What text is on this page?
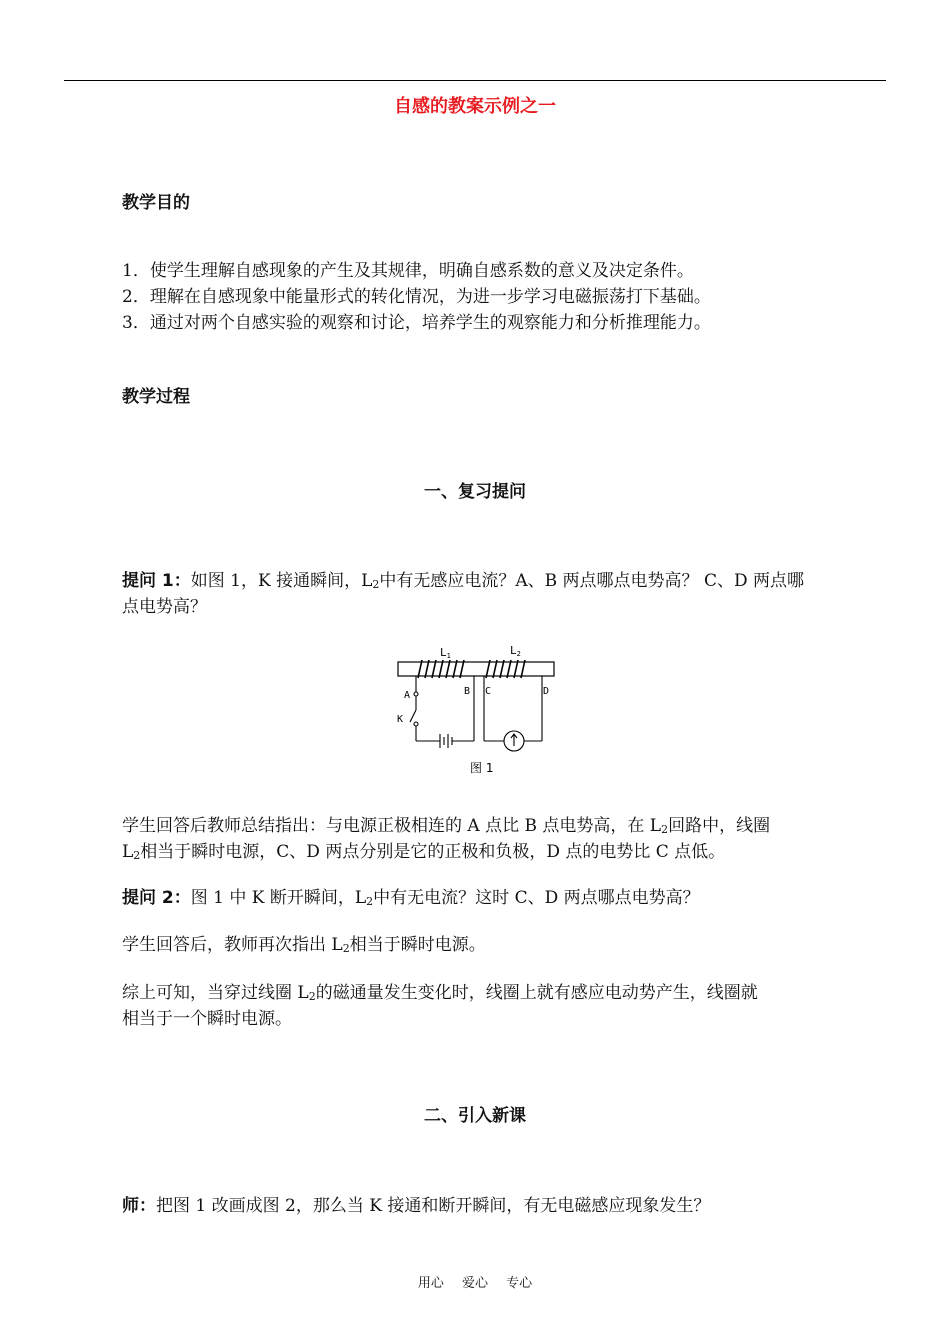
自感的教案示例之一
教学目的
1．使学生理解自感现象的产生及其规律，明确自感系数的意义及决定条件。
2．理解在自感现象中能量形式的转化情况，为进一步学习电磁振荡打下基础。
3．通过对两个自感实验的观察和讨论，培养学生的观察能力和分析推理能力。
教学过程
一、复习提问
提问 1：如图 1，K 接通瞬间，$L_2$中有无感应电流？A、B 两点哪点电势高？ C、D 两点哪
点电势高？
L1	L2
A	B C	D
K
图 1
学生回答后教师总结指出：与电源正极相连的 A 点比 B 点电势高，在 $L_2$回路中，线圈
$L_2$相当于瞬时电源，C、D 两点分别是它的正极和负极，D 点的电势比 C 点低。
提问 2：图 1 中 K 断开瞬间，$L_2$中有无电流？这时 C、D 两点哪点电势高？
学生回答后，教师再次指出 $L_2$相当于瞬时电源。
综上可知，当穿过线圈 $L_2$的磁通量发生变化时，线圈上就有感应电动势产生，线圈就
相当于一个瞬时电源。
二、引入新课
师：把图 1 改画成图 2，那么当 K 接通和断开瞬间，有无电磁感应现象发生？
用心 爱心 专心
